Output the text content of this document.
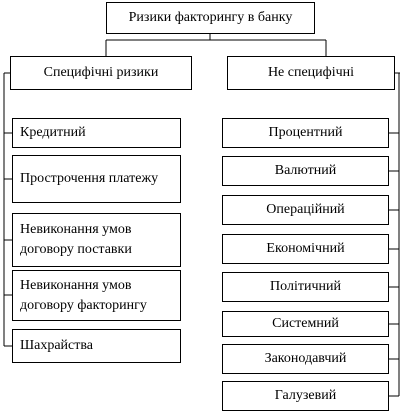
Ризики факторингу в банку
Специфічні ризики	Не специфічні
Кредитний
Прострочення платежу
Невиконання умов договору поставки
Невиконання умов договору факторингу
Шахрайства
Процентний
Валютний
Операційний
Економічний
Політичний
Системний
Законодавчий
Галузевий
